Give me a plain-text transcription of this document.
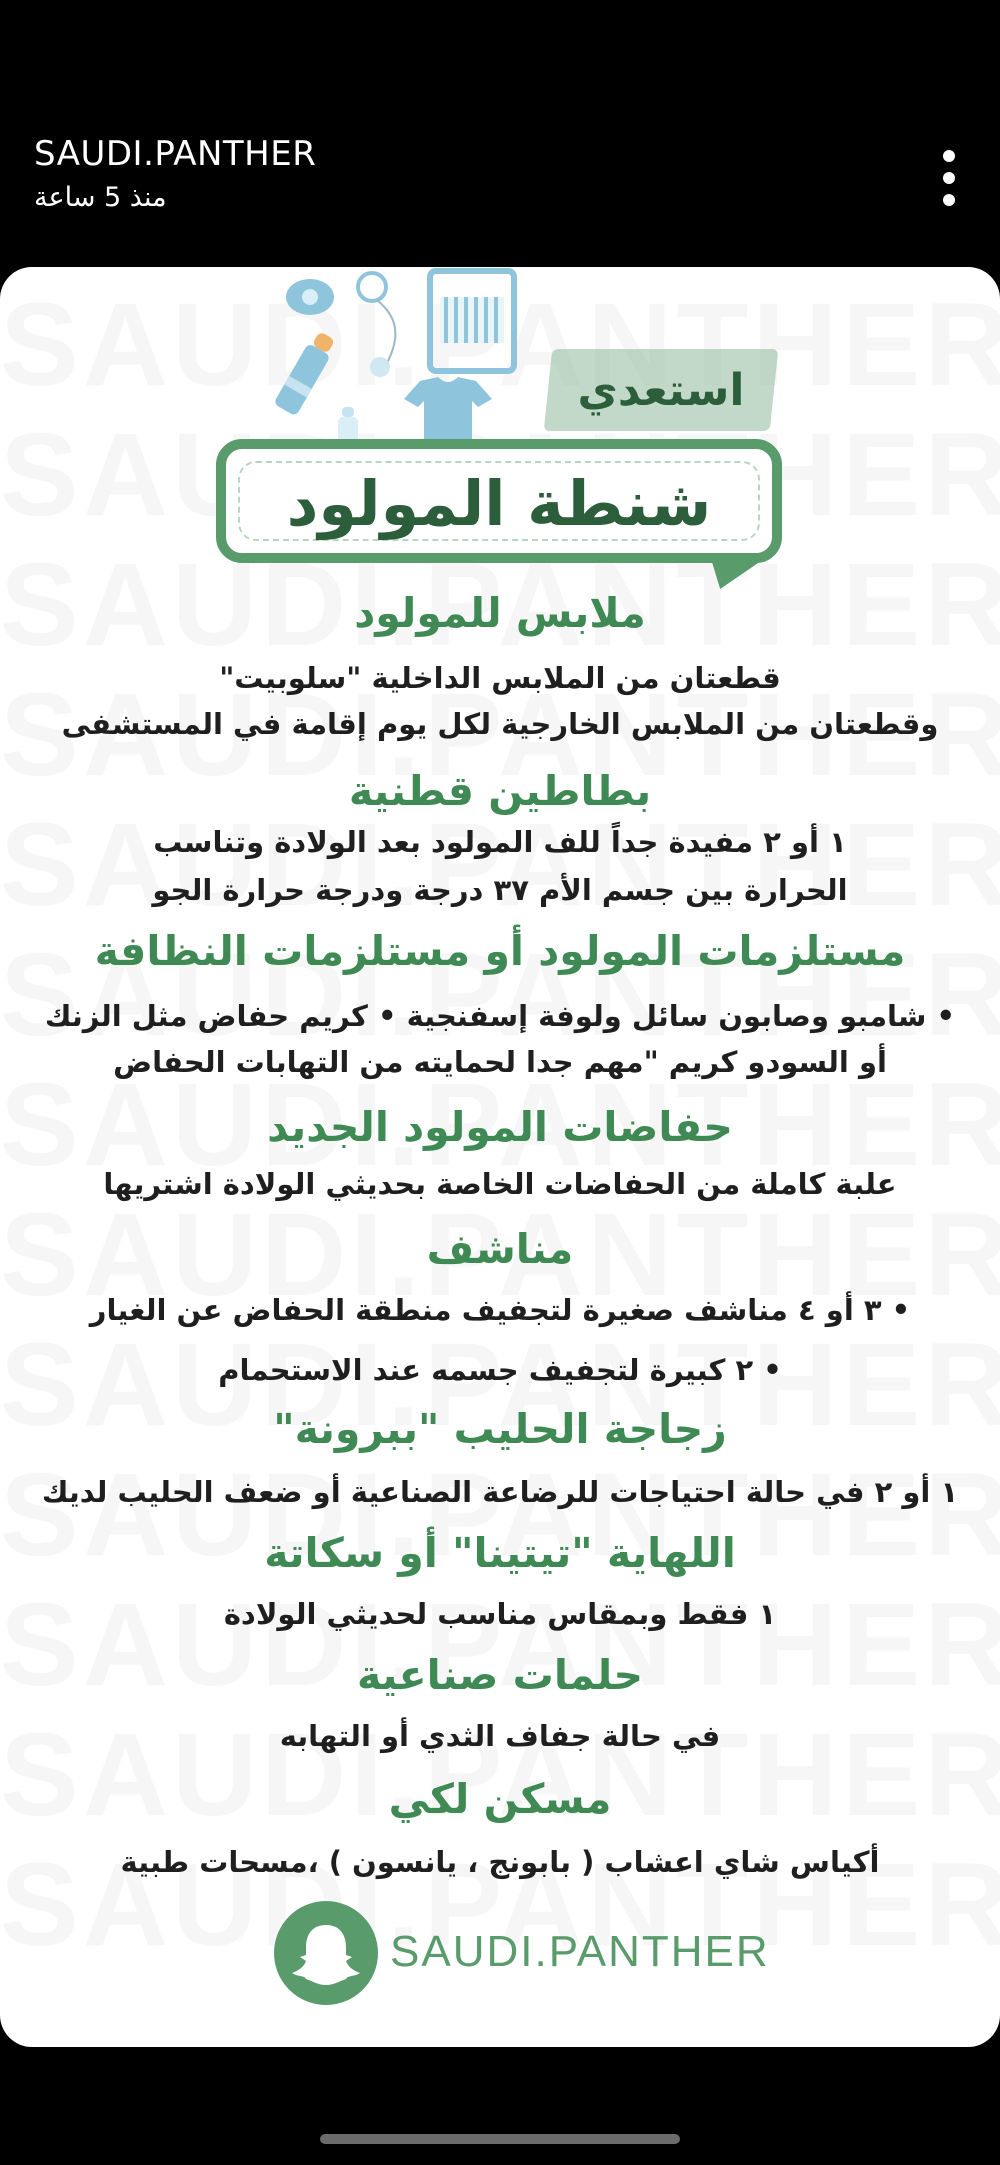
SAUDI.PANTHER
منذ 5 ساعة
استعدي
شنطة المولود
ملابس للمولود
قطعتان من الملابس الداخلية "سلوبيت"
وقطعتان من الملابس الخارجية لكل يوم إقامة في المستشفى
بطاطين قطنية
١ أو ٢ مفيدة جداً للف المولود بعد الولادة وتناسب
الحرارة بين جسم الأم ٣٧ درجة ودرجة حرارة الجو
مستلزمات المولود أو مستلزمات النظافة
• شامبو وصابون سائل ولوفة إسفنجية • كريم حفاض مثل الزنك
أو السودو كريم "مهم جدا لحمايته من التهابات الحفاض
حفاضات المولود الجديد
علبة كاملة من الحفاضات الخاصة بحديثي الولادة اشتريها
مناشف
• ٣ أو ٤ مناشف صغيرة لتجفيف منطقة الحفاض عن الغيار
• ٢ كبيرة لتجفيف جسمه عند الاستحمام
زجاجة الحليب "ببرونة"
١ أو ٢ في حالة احتياجات للرضاعة الصناعية أو ضعف الحليب لديك
اللهاية "تيتينا" أو سكاتة
١ فقط وبمقاس مناسب لحديثي الولادة
حلمات صناعية
في حالة جفاف الثدي أو التهابه
مسكن لكي
أكياس شاي اعشاب ( بابونج ، يانسون ) ،مسحات طبية
SAUDI.PANTHER
